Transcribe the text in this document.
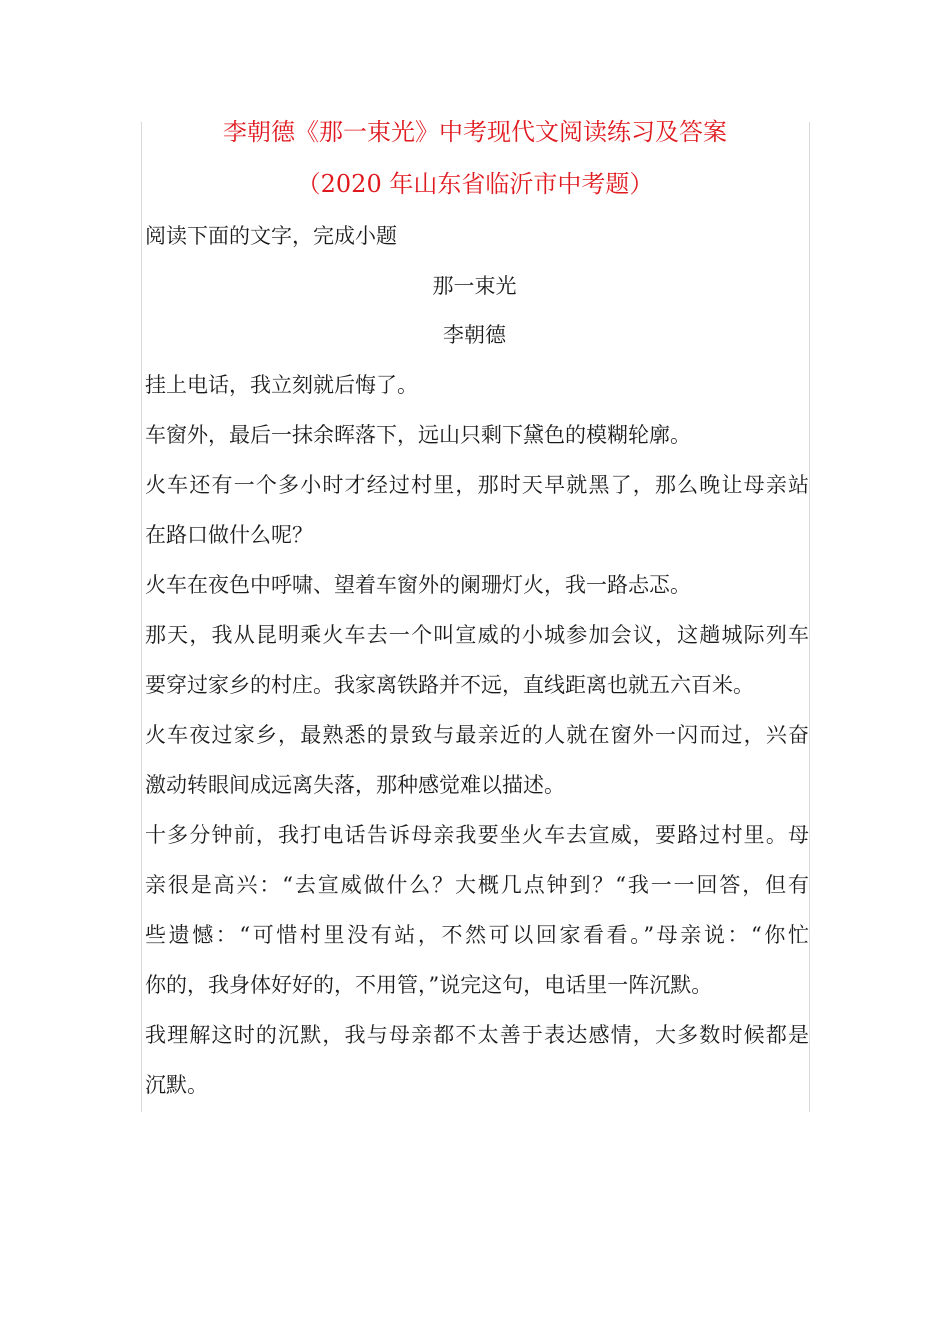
李朝德《那一束光》中考现代文阅读练习及答案
（2020 年山东省临沂市中考题）
阅读下面的文字，完成小题
那一束光
李朝德
挂上电话，我立刻就后悔了。
车窗外，最后一抹余晖落下，远山只剩下黛色的模糊轮廓。
火车还有一个多小时才经过村里，那时天早就黑了，那么晚让母亲站
在路口做什么呢？
火车在夜色中呼啸、望着车窗外的阑珊灯火，我一路忐忑。
那天，我从昆明乘火车去一个叫宣威的小城参加会议，这趟城际列车
要穿过家乡的村庄。我家离铁路并不远，直线距离也就五六百米。
火车夜过家乡，最熟悉的景致与最亲近的人就在窗外一闪而过，兴奋
激动转眼间成远离失落，那种感觉难以描述。
十多分钟前，我打电话告诉母亲我要坐火车去宣威，要路过村里。母
亲很是高兴：“去宣威做什么？大概几点钟到？“我一一回答，但有
些遗憾：“可惜村里没有站，不然可以回家看看。”母亲说：“你忙
你的，我身体好好的，不用管，”说完这句，电话里一阵沉默。
我理解这时的沉默，我与母亲都不太善于表达感情，大多数时候都是
沉默。
